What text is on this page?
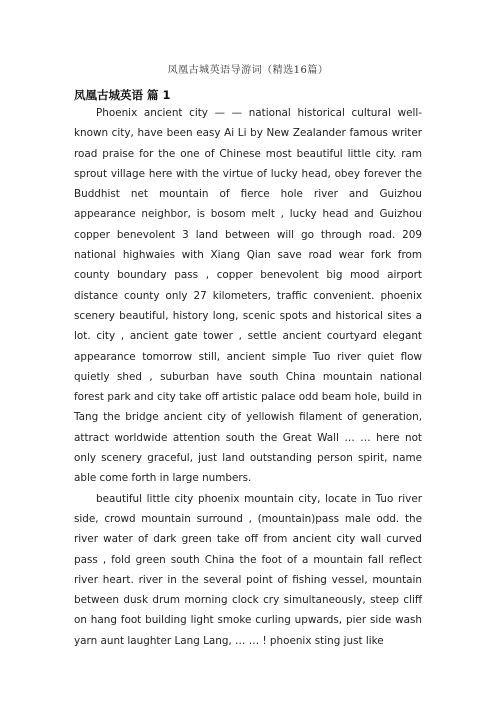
凤凰古城英语导游词（精选16篇）
凤凰古城英语 篇 1

Phoenix ancient city — — national historical cultural well-known city, have been easy Ai Li by New Zealander famous writer road praise for the one of Chinese most beautiful little city. ram sprout village here with the virtue of lucky head, obey forever the Buddhist net mountain of fierce hole river and Guizhou appearance neighbor, is bosom melt , lucky head and Guizhou copper benevolent 3 land between will go through road. 209 national highwaies with Xiang Qian save road wear fork from county boundary pass , copper benevolent big mood airport distance county only 27 kilometers, traffic convenient. phoenix scenery beautiful, history long, scenic spots and historical sites a lot. city , ancient gate tower , settle ancient courtyard elegant appearance tomorrow still, ancient simple Tuo river quiet flow quietly shed , suburban have south China mountain national forest park and city take off artistic palace odd beam hole, build in Tang the bridge ancient city of yellowish filament of generation, attract worldwide attention south the Great Wall … … here not only scenery graceful, just land outstanding person spirit, name able come forth in large numbers.

beautiful little city phoenix mountain city, locate in Tuo river side, crowd mountain surround , (mountain)pass male odd. the river water of dark green take off from ancient city wall curved pass , fold green south China the foot of a mountain fall reflect river heart. river in the several point of fishing vessel, mountain between dusk drum morning clock cry simultaneously, steep cliff on hang foot building light smoke curling upwards, pier side wash yarn aunt laughter Lang Lang, … … ! phoenix sting just like
